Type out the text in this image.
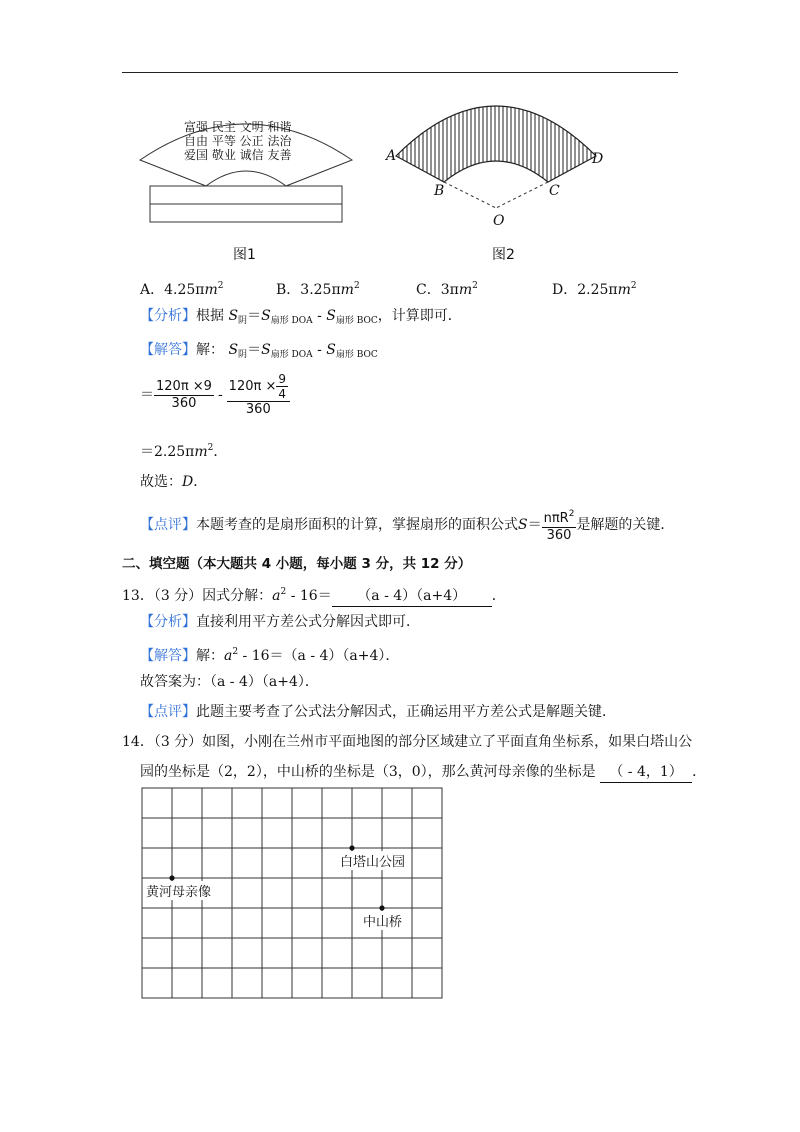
富强 民主 文明 和谐
自由 平等 公正 法治
爱国 敬业 诚信 友善
图1
A
B	C
D
O
图2
A．$4.25\pi m^2$	B．$3.25\pi m^2$	C．$3\pi m^2$	D．$2.25\pi m^2$
【分析】根据 $S_阴=S_{扇形 DOA} - S_{扇形 BOC}$，计算即可．
【解答】解： $S_阴=S_{扇形 DOA} - S_{扇形 BOC}$
＝ $\frac{120\pi \times 9}{360} - \frac{120\pi \times \frac{9}{4}}{360}$
$=2.25\pi m^2$．
故选：D．
【点评】 本题考查的是扇形面积的计算，掌握扇形的面积公式 $S = \frac{n\pi R^2}{360}$ 是解题的关键．
二、填空题（本大题共 4 小题，每小题 3 分，共 12 分）
13．（3 分）因式分解：$a^2 - 16= (a - 4)(a+4)$ ．
【分析】直接利用平方差公式分解因式即可．
【解答】解：$a^2 - 16=(a - 4)(a+4)$．
故答案为：（a - 4）（a+4）．
【点评】此题主要考查了公式法分解因式，正确运用平方差公式是解题关键．
14．（3 分）如图，小刚在兰州市平面地图的部分区域建立了平面直角坐标系，如果白塔山公
园的坐标是（2，2），中山桥的坐标是（3，0），那么黄河母亲像的坐标是 （ - 4，1） ．
白塔山公园
黄河母亲像
中山桥
